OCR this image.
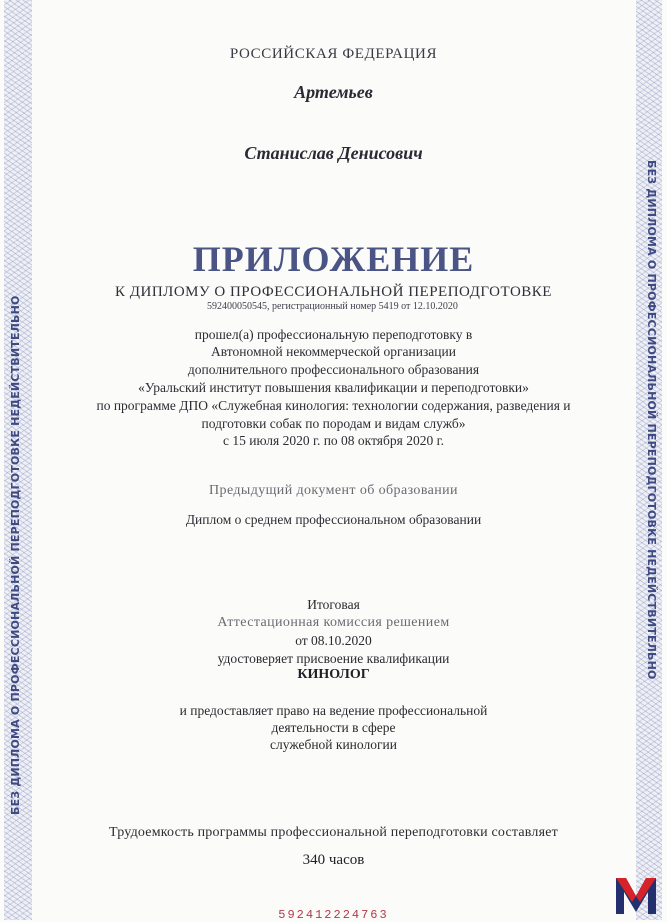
БЕЗ ДИПЛОМА О ПРОФЕССИОНАЛЬНОЙ ПЕРЕПОДГОТОВКЕ НЕДЕЙСТВИТЕЛЬНО	БЕЗ ДИПЛОМА О ПРОФЕССИОНАЛЬНОЙ ПЕРЕПОДГОТОВКЕ НЕДЕЙСТВИТЕЛЬНО
РОССИЙСКАЯ ФЕДЕРАЦИЯ
Артемьев
Станислав Денисович
ПРИЛОЖЕНИЕ
К ДИПЛОМУ О ПРОФЕССИОНАЛЬНОЙ ПЕРЕПОДГОТОВКЕ
592400050545, регистрационный номер 5419 от 12.10.2020
прошел(а) профессиональную переподготовку в
Автономной некоммерческой организации
дополнительного профессионального образования
«Уральский институт повышения квалификации и переподготовки»
по программе ДПО «Служебная кинология: технологии содержания, разведения и
подготовки собак по породам и видам служб»
с 15 июля 2020 г. по 08 октября 2020 г.
Предыдущий документ об образовании
Диплом о среднем профессиональном образовании
Итоговая
Аттестационная комиссия решением
от 08.10.2020
удостоверяет присвоение квалификации
КИНОЛОГ
и предоставляет право на ведение профессиональной
деятельности в сфере
служебной кинологии
Трудоемкость программы профессиональной переподготовки составляет
340 часов
592412224763
